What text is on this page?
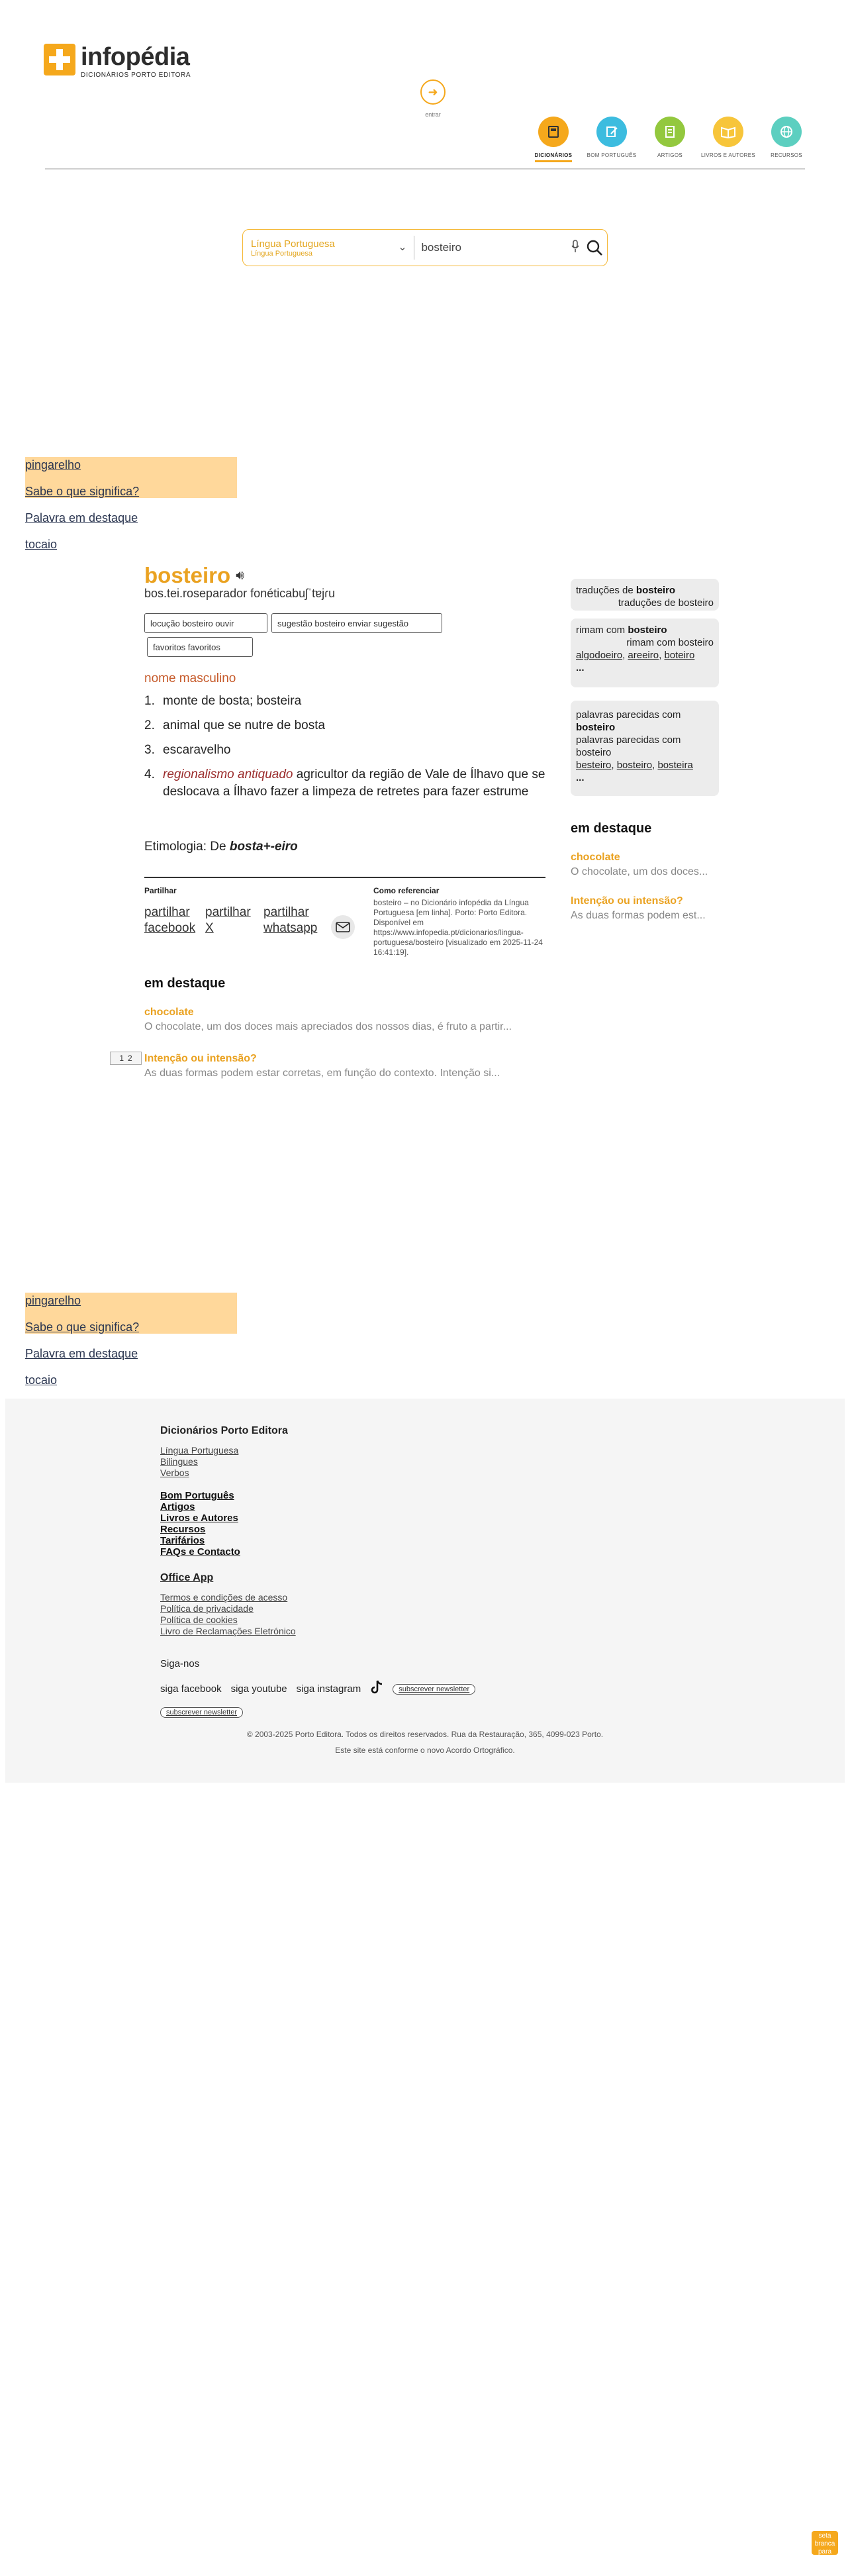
infopédia
DICIONÁRIOS PORTO EDITORA
➜
entrar
DICIONÁRIOS	BOM PORTUGUÊS	ARTIGOS	LIVROS E AUTORES	RECURSOS
Língua Portuguesa
Língua Portuguesa
⌄
bosteiro
pingarelho
Sabe o que significa?
Palavra em destaque
tocaio
bosteiro 🔊︎
bos.tei.roseparador fonéticabuʃˈtɐjɾu
locução bosteiro
ouvir	sugestão bosteiro
enviar sugestão
favoritos
favoritos
nome masculino
1. monte de bosta; bosteira
2. animal que se nutre de bosta
3. escaravelho
4. regionalismo antiquado agricultor da região de Vale de Ílhavo que se deslocava a Ílhavo fazer a limpeza de retretes para fazer estrume
Etimologia: De bosta+-eiro
Partilhar
partilhar facebook
partilhar X
partilhar whatsapp
Como referenciar
bosteiro – no Dicionário infopédia da Língua Portuguesa [em linha]. Porto: Porto Editora. Disponível em https://www.infopedia.pt/dicionarios/lingua-portuguesa/bosteiro [visualizado em 2025-11-24 16:41:19].
em destaque
chocolate
O chocolate, um dos doces mais apreciados dos nossos dias, é fruto a partir...
1 2 Intenção ou intensão?
As duas formas podem estar corretas, em função do contexto. Intenção si...
traduções de bosteiro
traduções de bosteiro
rimam com bosteiro
rimam com bosteiro
algodoeiro, areeiro, boteiro
...
palavras parecidas com
bosteiro
palavras parecidas com bosteiro
besteiro, bosteiro, bosteira
...
em destaque
chocolate
O chocolate, um dos doces...
Intenção ou intensão?
As duas formas podem est...
pingarelho
Sabe o que significa?
Palavra em destaque
tocaio
Dicionários Porto Editora
Língua Portuguesa
Bilingues
Verbos
Bom Português
Artigos
Livros e Autores
Recursos
Tarifários
FAQs e Contacto
Office App
Termos e condições de acesso
Política de privacidade
Política de cookies
Livro de Reclamações Eletrónico
Siga-nos
siga facebook siga youtube siga instagram	subscrever newsletter
subscrever newsletter
© 2003-2025 Porto Editora. Todos os direitos reservados. Rua da Restauração, 365, 4099-023 Porto.
Este site está conforme o novo Acordo Ortográfico.
seta branca para cima
